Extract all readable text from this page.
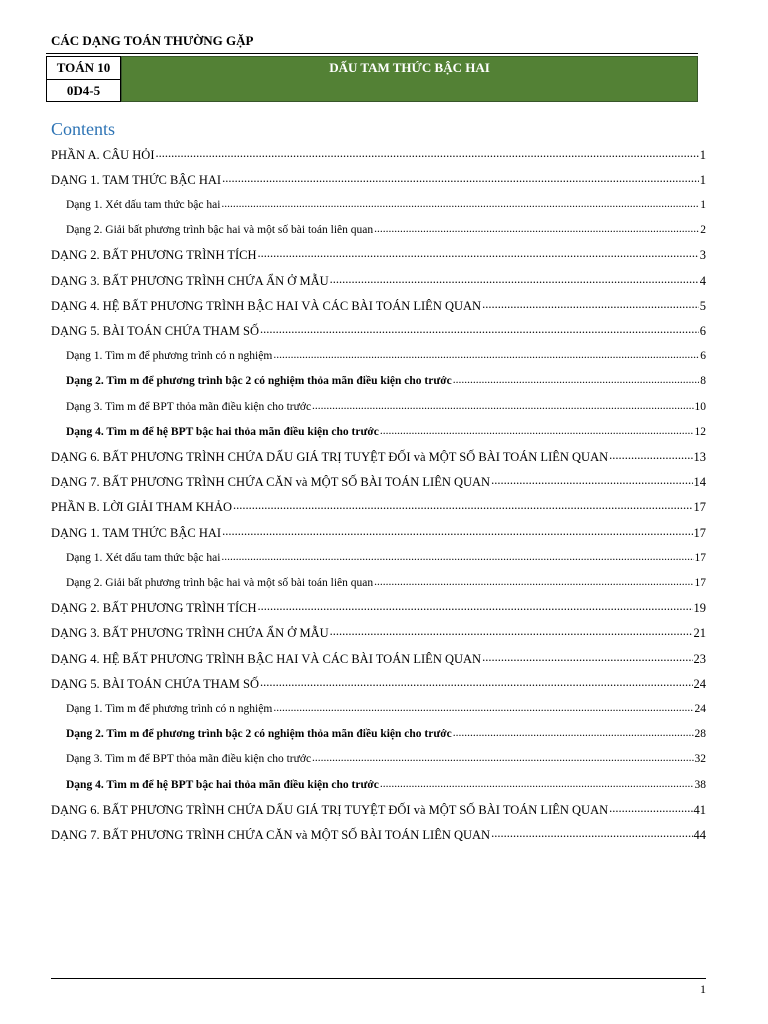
CÁC DẠNG TOÁN THƯỜNG GẶP
TOÁN 10
0D4-5
DẤU TAM THỨC BẬC HAI
Contents
PHẦN A. CÂU HỎI .....	1
DẠNG 1. TAM THỨC BẬC HAI .....	1
Dạng 1. Xét dấu tam thức bậc hai .....	1
Dạng 2. Giải bất phương trình bậc hai và một số bài toán liên quan .....	2
DẠNG 2. BẤT PHƯƠNG TRÌNH TÍCH .....	3
DẠNG 3. BẤT PHƯƠNG TRÌNH CHỨA ẨN Ở MẪU .....	4
DẠNG 4. HỆ BẤT PHƯƠNG TRÌNH BẬC HAI VÀ CÁC BÀI TOÁN LIÊN QUAN .....	5
DẠNG 5. BÀI TOÁN CHỨA THAM SỐ .....	6
Dạng 1. Tìm m để phương trình có n nghiệm .....	6
Dạng 2. Tìm m để phương trình bậc 2 có nghiệm thỏa mãn điều kiện cho trước .....	8
Dạng 3. Tìm m để BPT thỏa mãn điều kiện cho trước .....	10
Dạng 4. Tìm m để hệ BPT bậc hai thỏa mãn điều kiện cho trước .....	12
DẠNG 6. BẤT PHƯƠNG TRÌNH CHỨA DẤU GIÁ TRỊ TUYỆT ĐỐI và MỘT SỐ BÀI TOÁN LIÊN QUAN .....	13
DẠNG 7. BẤT PHƯƠNG TRÌNH CHỨA CĂN và MỘT SỐ BÀI TOÁN LIÊN QUAN .....	14
PHẦN B. LỜI GIẢI THAM KHẢO .....	17
DẠNG 1. TAM THỨC BẬC HAI .....	17
Dạng 1. Xét dấu tam thức bậc hai .....	17
Dạng 2. Giải bất phương trình bậc hai và một số bài toán liên quan .....	17
DẠNG 2. BẤT PHƯƠNG TRÌNH TÍCH .....	19
DẠNG 3. BẤT PHƯƠNG TRÌNH CHỨA ẨN Ở MẪU .....	21
DẠNG 4. HỆ BẤT PHƯƠNG TRÌNH BẬC HAI VÀ CÁC BÀI TOÁN LIÊN QUAN .....	23
DẠNG 5. BÀI TOÁN CHỨA THAM SỐ .....	24
Dạng 1. Tìm m để phương trình có n nghiệm .....	24
Dạng 2. Tìm m để phương trình bậc 2 có nghiệm thỏa mãn điều kiện cho trước .....	28
Dạng 3. Tìm m để BPT thỏa mãn điều kiện cho trước .....	32
Dạng 4. Tìm m để hệ BPT bậc hai thỏa mãn điều kiện cho trước .....	38
DẠNG 6. BẤT PHƯƠNG TRÌNH CHỨA DẤU GIÁ TRỊ TUYỆT ĐỐI và MỘT SỐ BÀI TOÁN LIÊN QUAN .....	41
DẠNG 7. BẤT PHƯƠNG TRÌNH CHỨA CĂN và MỘT SỐ BÀI TOÁN LIÊN QUAN .....	44
1
